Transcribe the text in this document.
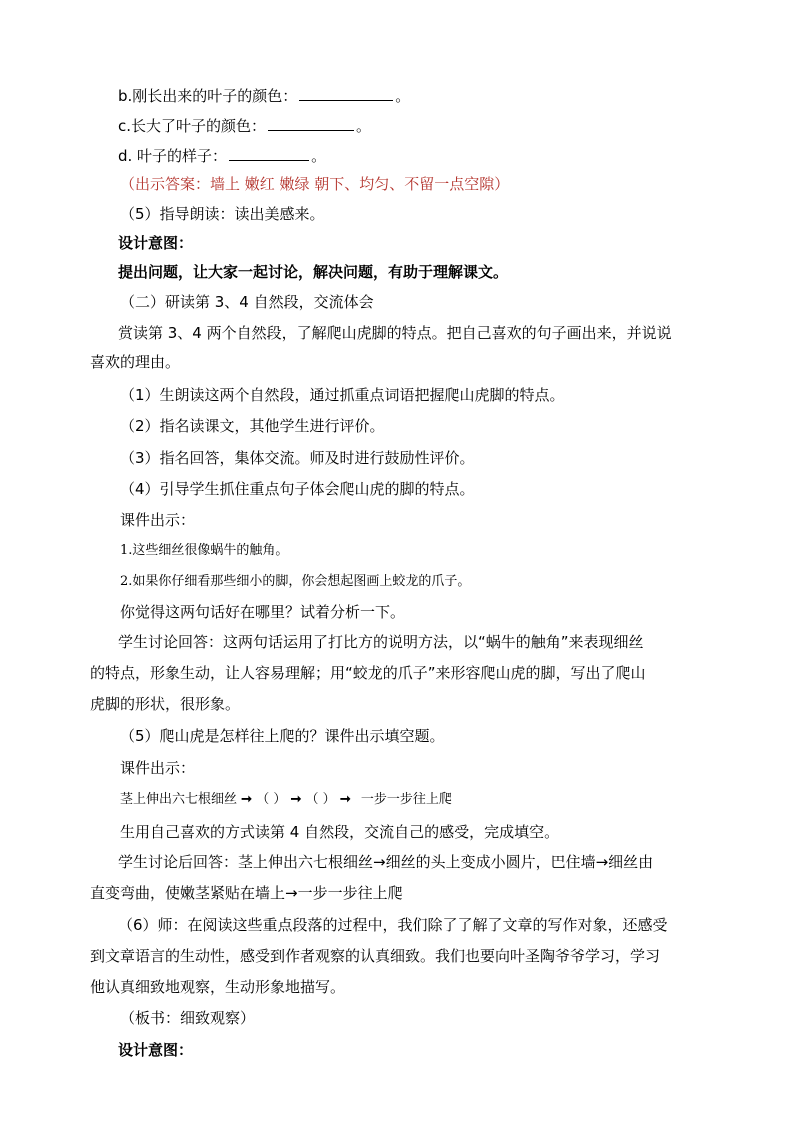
b.刚长出来的叶子的颜色：	。
c.长大了叶子的颜色：	。
d. 叶子的样子：	。
（出示答案：墙上 嫩红 嫩绿 朝下、均匀、不留一点空隙）
（5）指导朗读：读出美感来。
设计意图：
提出问题，让大家一起讨论，解决问题，有助于理解课文。
（二）研读第 3、4 自然段，交流体会
赏读第 3、4 两个自然段，了解爬山虎脚的特点。把自己喜欢的句子画出来，并说说
喜欢的理由。
（1）生朗读这两个自然段，通过抓重点词语把握爬山虎脚的特点。
（2）指名读课文，其他学生进行评价。
（3）指名回答，集体交流。师及时进行鼓励性评价。
（4）引导学生抓住重点句子体会爬山虎的脚的特点。
课件出示：
1.这些细丝很像蜗牛的触角。
2.如果你仔细看那些细小的脚，你会想起图画上蛟龙的爪子。
你觉得这两句话好在哪里？试着分析一下。
学生讨论回答：这两句话运用了打比方的说明方法，以“蜗牛的触角”来表现细丝
的特点，形象生动，让人容易理解；用“蛟龙的爪子”来形容爬山虎的脚，写出了爬山
虎脚的形状，很形象。
（5）爬山虎是怎样往上爬的？课件出示填空题。
课件出示：
茎上伸出六七根细丝 ➞ （ ） ➞ （ ） ➞ 一步一步往上爬
生用自己喜欢的方式读第 4 自然段，交流自己的感受，完成填空。
学生讨论后回答：茎上伸出六七根细丝→细丝的头上变成小圆片，巴住墙→细丝由
直变弯曲，使嫩茎紧贴在墙上→一步一步往上爬
（6）师：在阅读这些重点段落的过程中，我们除了了解了文章的写作对象，还感受
到文章语言的生动性，感受到作者观察的认真细致。我们也要向叶圣陶爷爷学习，学习
他认真细致地观察，生动形象地描写。
（板书：细致观察）
设计意图：
